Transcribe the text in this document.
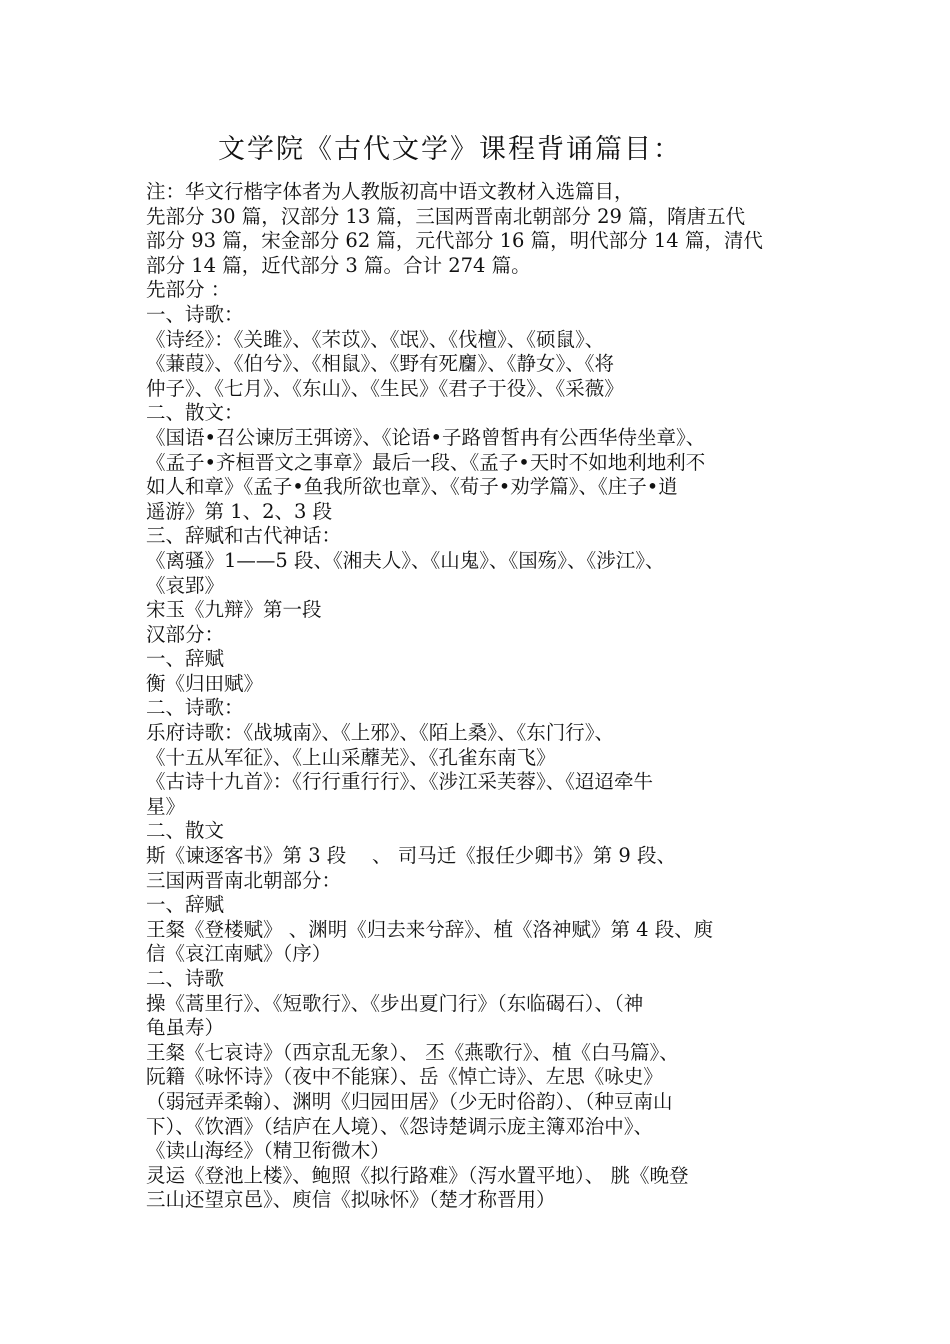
文学院《古代文学》课程背诵篇目：
注：华文行楷字体者为人教版初高中语文教材入选篇目，
先部分 30 篇，汉部分 13 篇，三国两晋南北朝部分 29 篇，隋唐五代
部分 93 篇，宋金部分 62 篇，元代部分 16 篇，明代部分 14 篇，清代
部分 14 篇，近代部分 3 篇。合计 274 篇。
先部分 ：
一、诗歌：
《诗经》：《关雎》、《芣苡》、《氓》、《伐檀》、《硕鼠》、
《蒹葭》、《伯兮》、《相鼠》、《野有死麕》、《静女》、《将
仲子》、《七月》、《东山》、《生民》《君子于役》、《采薇》
二、散文：
《国语•召公谏厉王弭谤》、《论语•子路曾皙冉有公西华侍坐章》、
《孟子•齐桓晋文之事章》最后一段、《孟子•天时不如地利地利不
如人和章》《孟子•鱼我所欲也章》、《荀子•劝学篇》、《庄子•逍
遥游》第 1、2、3 段
三、辞赋和古代神话：
《离骚》1——5 段、《湘夫人》、《山鬼》、《国殇》、《涉江》、
《哀郢》
宋玉《九辩》第一段
汉部分：
一、辞赋
衡《归田赋》
二、诗歌：
乐府诗歌：《战城南》、《上邪》、《陌上桑》、《东门行》、
《十五从军征》、《上山采蘼芜》、《孔雀东南飞》
《古诗十九首》：《行行重行行》、《涉江采芙蓉》、《迢迢牵牛
星》
二、散文
斯《谏逐客书》第 3 段 　、 司马迁《报任少卿书》第 9 段、
三国两晋南北朝部分：
一、辞赋
王粲《登楼赋》 、渊明《归去来兮辞》、植《洛神赋》第 4 段、庾
信《哀江南赋》（序）
二、诗歌
操《蒿里行》、《短歌行》、《步出夏门行》（东临碣石）、（神
龟虽寿）
王粲《七哀诗》（西京乱无象）、 丕《燕歌行》、植《白马篇》、
阮籍《咏怀诗》（夜中不能寐）、岳《悼亡诗》、左思《咏史》
（弱冠弄柔翰）、渊明《归园田居》（少无时俗韵）、（种豆南山
下）、《饮酒》（结庐在人境）、《怨诗楚调示庞主簿邓治中》、
《读山海经》（精卫衔微木）
灵运《登池上楼》、鲍照《拟行路难》（泻水置平地）、 朓《晚登
三山还望京邑》、庾信《拟咏怀》（楚才称晋用）
